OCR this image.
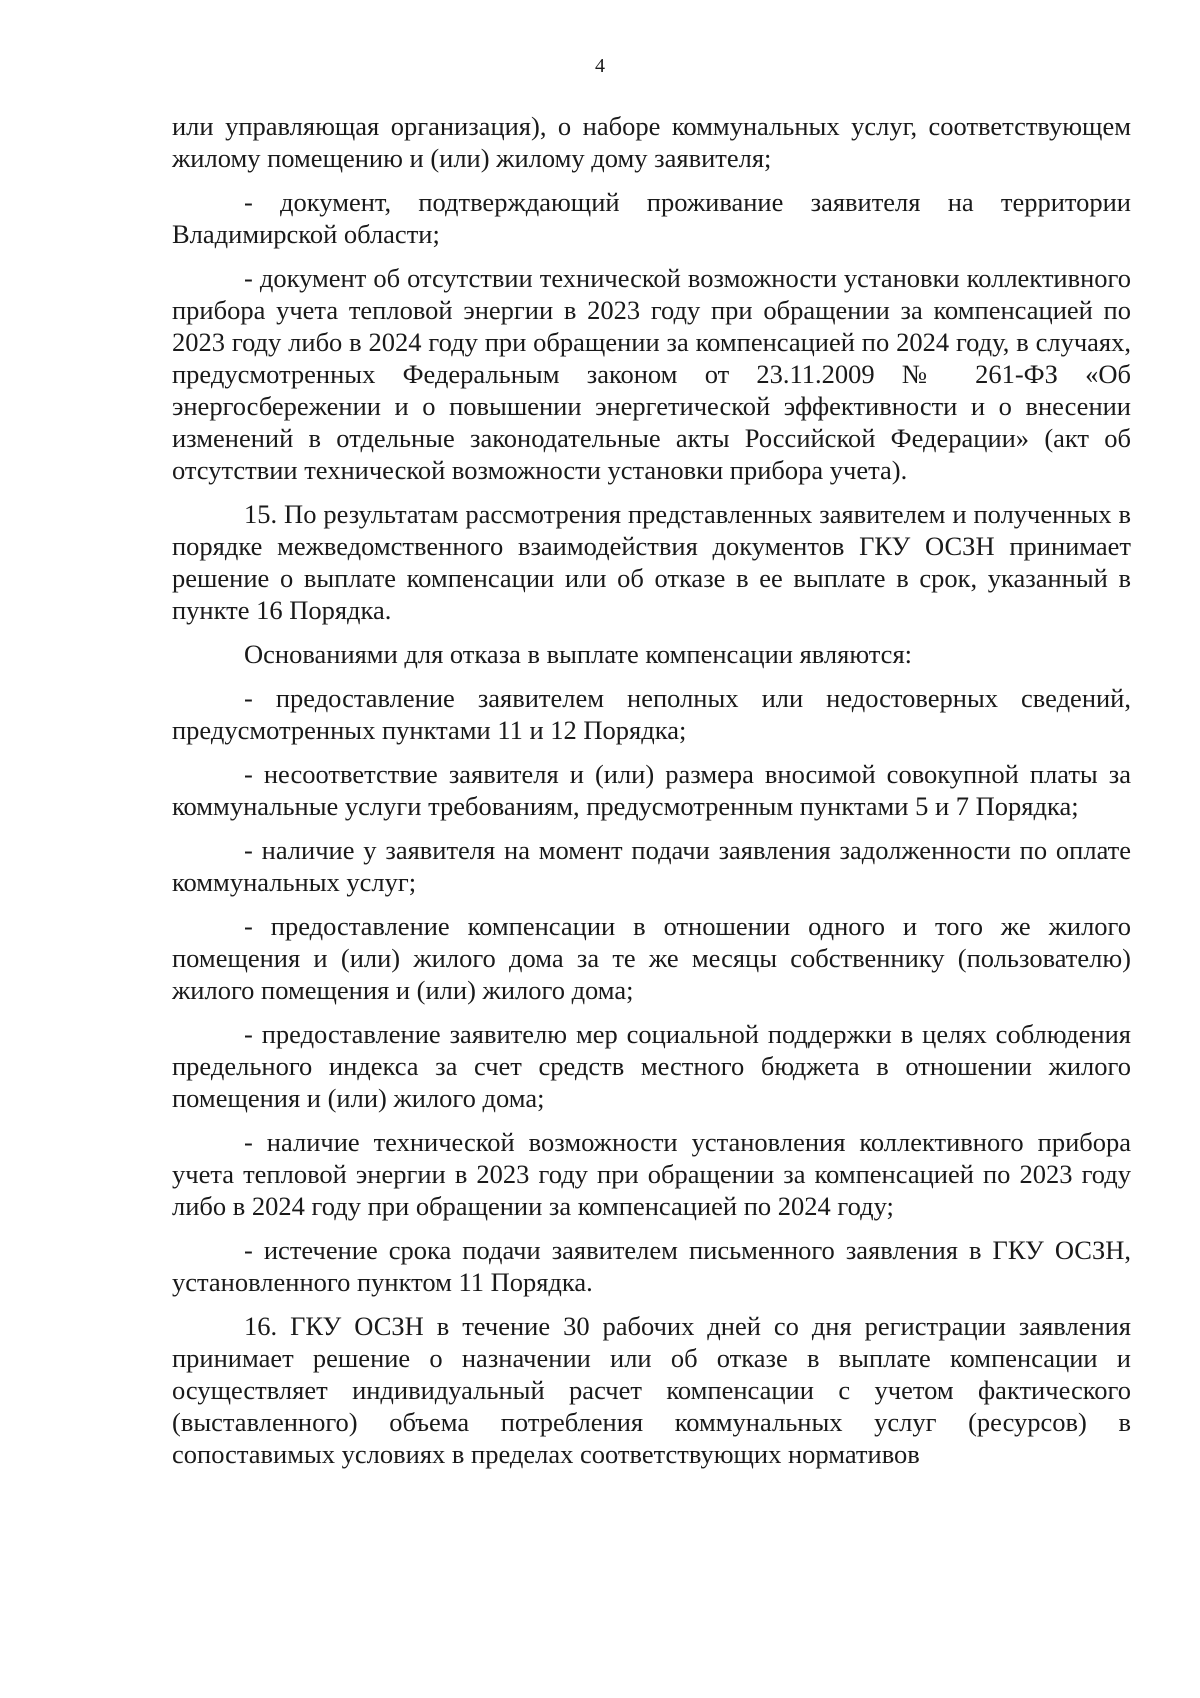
4

или управляющая организация), о наборе коммунальных услуг, соответствующем жилому помещению и (или) жилому дому заявителя;

- документ, подтверждающий проживание заявителя на территории Владимирской области;

- документ об отсутствии технической возможности установки коллективного прибора учета тепловой энергии в 2023 году при обращении за компенсацией по 2023 году либо в 2024 году при обращении за компенсацией по 2024 году, в случаях, предусмотренных Федеральным законом от 23.11.2009 № 261-ФЗ «Об энергосбережении и о повышении энергетической эффективности и о внесении изменений в отдельные законодательные акты Российской Федерации» (акт об отсутствии технической возможности установки прибора учета).

15. По результатам рассмотрения представленных заявителем и полученных в порядке межведомственного взаимодействия документов ГКУ ОСЗН принимает решение о выплате компенсации или об отказе в ее выплате в срок, указанный в пункте 16 Порядка.

Основаниями для отказа в выплате компенсации являются:

- предоставление заявителем неполных или недостоверных сведений, предусмотренных пунктами 11 и 12 Порядка;

- несоответствие заявителя и (или) размера вносимой совокупной платы за коммунальные услуги требованиям, предусмотренным пунктами 5 и 7 Порядка;

- наличие у заявителя на момент подачи заявления задолженности по оплате коммунальных услуг;

- предоставление компенсации в отношении одного и того же жилого помещения и (или) жилого дома за те же месяцы собственнику (пользователю) жилого помещения и (или) жилого дома;

- предоставление заявителю мер социальной поддержки в целях соблюдения предельного индекса за счет средств местного бюджета в отношении жилого помещения и (или) жилого дома;

- наличие технической возможности установления коллективного прибора учета тепловой энергии в 2023 году при обращении за компенсацией по 2023 году либо в 2024 году при обращении за компенсацией по 2024 году;

- истечение срока подачи заявителем письменного заявления в ГКУ ОСЗН, установленного пунктом 11 Порядка.

16. ГКУ ОСЗН в течение 30 рабочих дней со дня регистрации заявления принимает решение о назначении или об отказе в выплате компенсации и осуществляет индивидуальный расчет компенсации с учетом фактического (выставленного) объема потребления коммунальных услуг (ресурсов) в сопоставимых условиях в пределах соответствующих нормативов
